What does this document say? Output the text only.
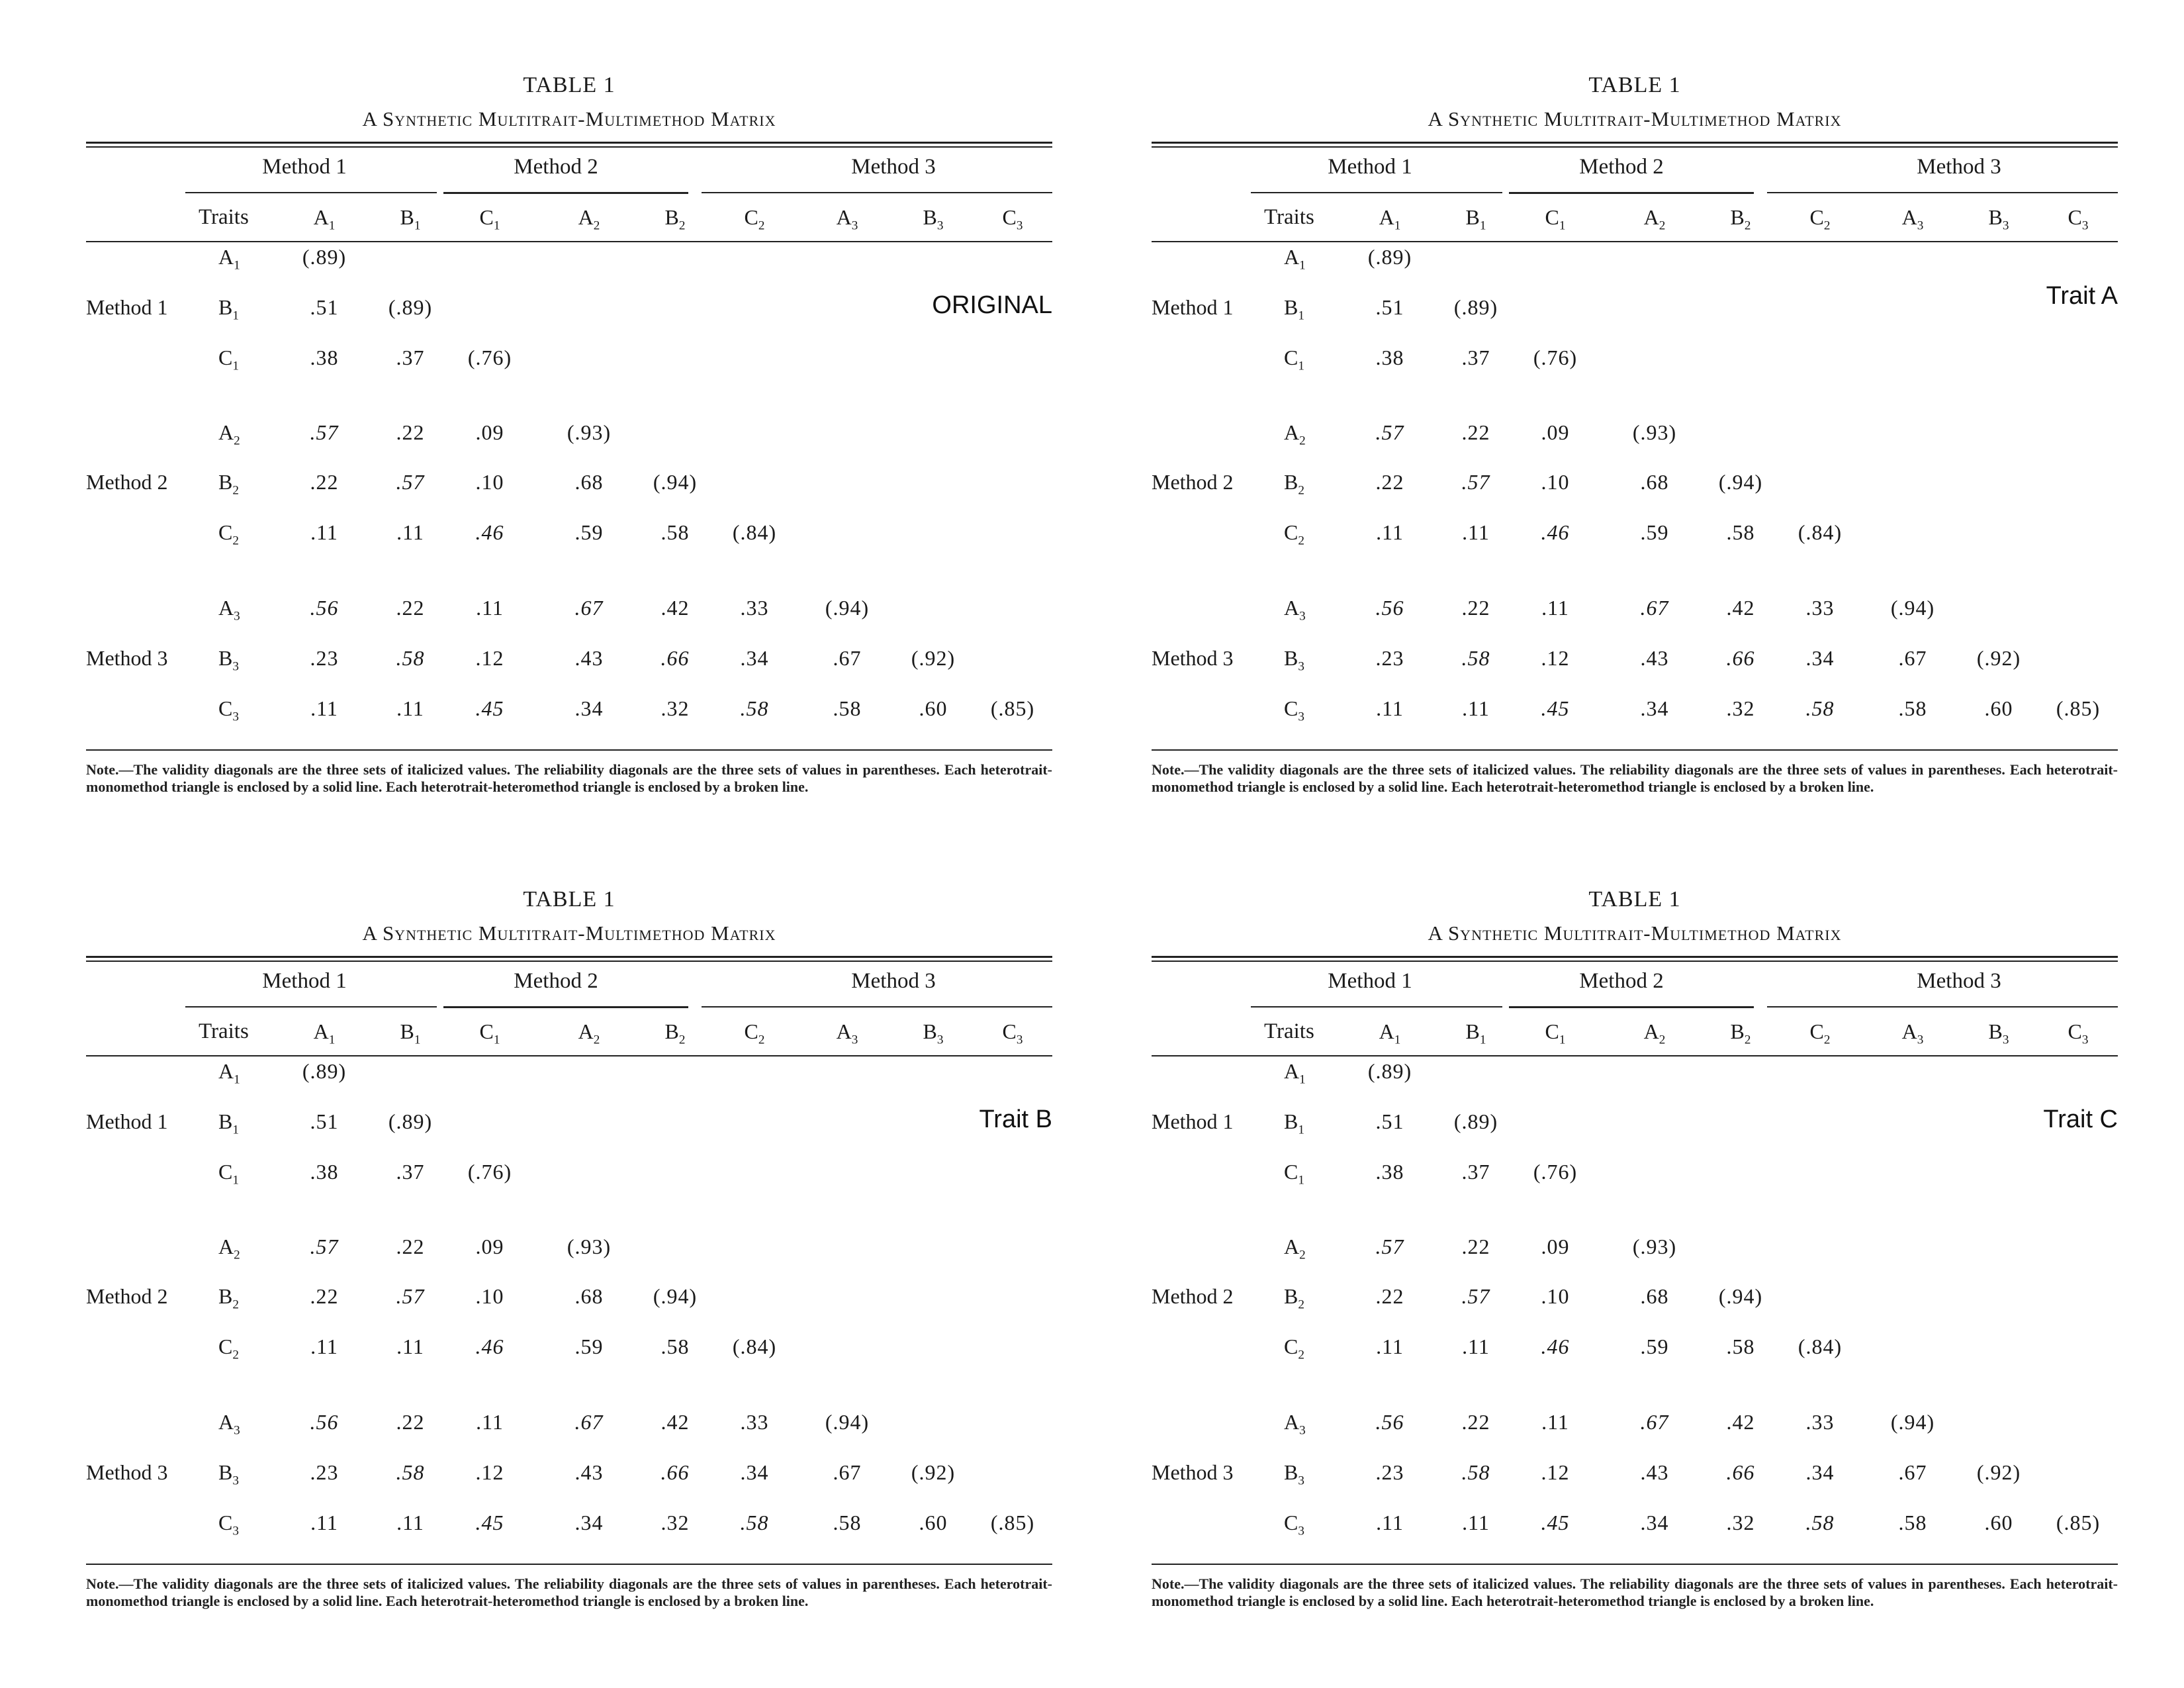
ORIGINAL
TABLE 1
A Synthetic Multitrait-Multimethod Matrix
Method 1	Method 2	Method 3
Traits	$A_1$	$B_1$	$C_1$	$A_2$	$B_2$	$C_2$	$A_3$	$B_3$	$C_3$
$A_1$	(.89)
Method 1	$B_1$	.51	(.89)
$C_1$	.38	.37	(.76)
$A_2$	.57	.22	.09	(.93)
Method 2	$B_2$	.22	.57	.10	.68	(.94)
$C_2$	.11	.11	.46	.59	.58	(.84)
$A_3$	.56	.22	.11	.67	.42	.33	(.94)
Method 3	$B_3$	.23	.58	.12	.43	.66	.34	.67	(.92)
$C_3$	.11	.11	.45	.34	.32	.58	.58	.60	(.85)
Note.—The validity diagonals are the three sets of italicized values. The reliability diagonals are the three sets of values in parentheses. Each heterotrait-monomethod triangle is enclosed by a solid line. Each heterotrait-heteromethod triangle is enclosed by a broken line.
Trait A
TABLE 1
A Synthetic Multitrait-Multimethod Matrix
Method 1	Method 2	Method 3
Traits	$A_1$	$B_1$	$C_1$	$A_2$	$B_2$	$C_2$	$A_3$	$B_3$	$C_3$
$A_1$	(.89)
Method 1	$B_1$	.51	(.89)
$C_1$	.38	.37	(.76)
$A_2$	.57	.22	.09	(.93)
Method 2	$B_2$	.22	.57	.10	.68	(.94)
$C_2$	.11	.11	.46	.59	.58	(.84)
$A_3$	.56	.22	.11	.67	.42	.33	(.94)
Method 3	$B_3$	.23	.58	.12	.43	.66	.34	.67	(.92)
$C_3$	.11	.11	.45	.34	.32	.58	.58	.60	(.85)
Note.—The validity diagonals are the three sets of italicized values. The reliability diagonals are the three sets of values in parentheses. Each heterotrait-monomethod triangle is enclosed by a solid line. Each heterotrait-heteromethod triangle is enclosed by a broken line.
Trait B
TABLE 1
A Synthetic Multitrait-Multimethod Matrix
Method 1	Method 2	Method 3
Traits	$A_1$	$B_1$	$C_1$	$A_2$	$B_2$	$C_2$	$A_3$	$B_3$	$C_3$
$A_1$	(.89)
Method 1	$B_1$	.51	(.89)
$C_1$	.38	.37	(.76)
$A_2$	.57	.22	.09	(.93)
Method 2	$B_2$	.22	.57	.10	.68	(.94)
$C_2$	.11	.11	.46	.59	.58	(.84)
$A_3$	.56	.22	.11	.67	.42	.33	(.94)
Method 3	$B_3$	.23	.58	.12	.43	.66	.34	.67	(.92)
$C_3$	.11	.11	.45	.34	.32	.58	.58	.60	(.85)
Note.—The validity diagonals are the three sets of italicized values. The reliability diagonals are the three sets of values in parentheses. Each heterotrait-monomethod triangle is enclosed by a solid line. Each heterotrait-heteromethod triangle is enclosed by a broken line.
Trait C
TABLE 1
A Synthetic Multitrait-Multimethod Matrix
Method 1	Method 2	Method 3
Traits	$A_1$	$B_1$	$C_1$	$A_2$	$B_2$	$C_2$	$A_3$	$B_3$	$C_3$
$A_1$	(.89)
Method 1	$B_1$	.51	(.89)
$C_1$	.38	.37	(.76)
$A_2$	.57	.22	.09	(.93)
Method 2	$B_2$	.22	.57	.10	.68	(.94)
$C_2$	.11	.11	.46	.59	.58	(.84)
$A_3$	.56	.22	.11	.67	.42	.33	(.94)
Method 3	$B_3$	.23	.58	.12	.43	.66	.34	.67	(.92)
$C_3$	.11	.11	.45	.34	.32	.58	.58	.60	(.85)
Note.—The validity diagonals are the three sets of italicized values. The reliability diagonals are the three sets of values in parentheses. Each heterotrait-monomethod triangle is enclosed by a solid line. Each heterotrait-heteromethod triangle is enclosed by a broken line.
